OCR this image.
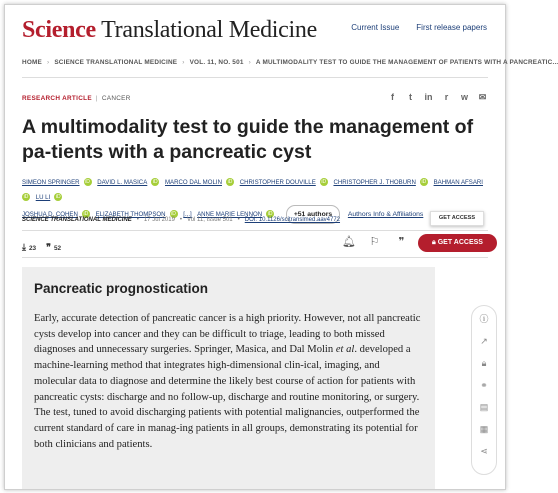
Science Translational Medicine	Current Issue First release papers
HOME › SCIENCE TRANSLATIONAL MEDICINE › VOL. 11, NO. 501 › A MULTIMODALITY TEST TO GUIDE THE MANAGEMENT OF PATIENTS WITH A PANCREATIC...
RESEARCH ARTICLE | CANCER	f	t	in	r	w ✉
A multimodality test to guide the management of pa-tients with a pancreatic cyst
SIMEON SPRINGER iD DAVID L. MASICA iD MARCO DAL MOLIN iD CHRISTOPHER DOUVILLE iD CHRISTOPHER J. THOBURN iD BAHMAN AFSARIiD LU LI iD
JOSHUA D. COHEN iD ELIZABETH THOMPSON iD [...] ANNE MARIE LENNON iD	+51 authors Authors Info & Affiliations
SCIENCE TRANSLATIONAL MEDICINE • 17 Jul 2019 • Vol 11, Issue 501 • DOI: 10.1126/scitranslmed.aav4772	GET ACCESS
⤓ 23 ❞ 52
🔔︎ ⚐ ❞	🔒︎ GET ACCESS
Pancreatic prognostication

Early, accurate detection of pancreatic cancer is a high priority. However, not all pancreatic cysts develop into cancer and they can be difficult to triage, leading to both missed diagnoses and unnecessary surgeries. Springer, Masica, and Dal Molin et al. developed a machine-learning method that integrates high-dimensional clin-ical, imaging, and molecular data to diagnose and determine the likely best course of action for patients with pancreatic cysts: discharge and no follow-up, discharge and routine monitoring, or surgery. The test, tuned to avoid discharging patients with potential malignancies, outperformed the current standard of care in manag-ing patients in all groups, demonstrating its potential for both clinicians and patients.

ⓘ
↗
🔒︎
⚭
▤
▦
⋖
